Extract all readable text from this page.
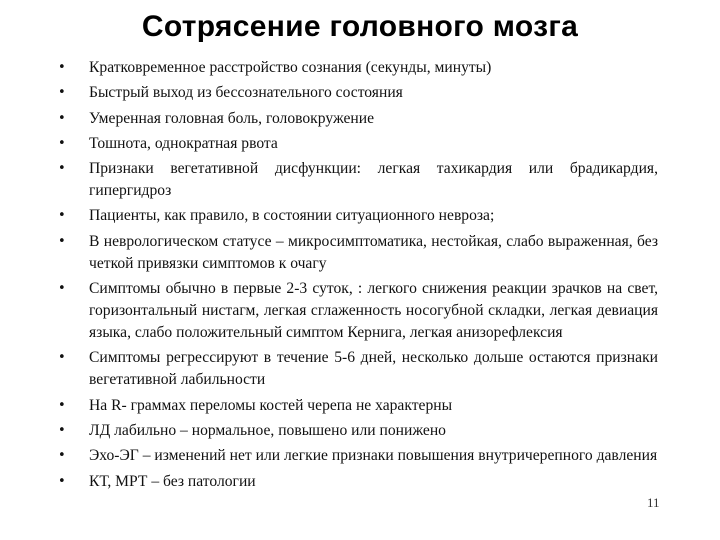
Сотрясение головного мозга
• Кратковременное расстройство сознания (секунды, минуты)
• Быстрый выход из бессознательного состояния
• Умеренная головная боль, головокружение
• Тошнота, однократная рвота
• Признаки вегетативной дисфункции: легкая тахикардия или брадикардия, гипергидроз
• Пациенты, как правило, в состоянии ситуационного невроза;
• В неврологическом статусе – микросимптоматика, нестойкая, слабо выраженная, без четкой привязки симптомов к очагу
• Симптомы обычно в первые 2-3 суток, : легкого снижения реакции зрачков на свет, горизонтальный нистагм, легкая сглаженность носогубной складки, легкая девиация языка, слабо положительный симптом Кернига, легкая анизорефлексия
• Симптомы регрессируют в течение 5-6 дней, несколько дольше остаются признаки вегетативной лабильности
• На R- граммах переломы костей черепа не характерны
• ЛД лабильно – нормальное, повышено или понижено
• Эхо-ЭГ – изменений нет или легкие признаки повышения внутричерепного давления
• КТ, МРТ – без патологии
11
